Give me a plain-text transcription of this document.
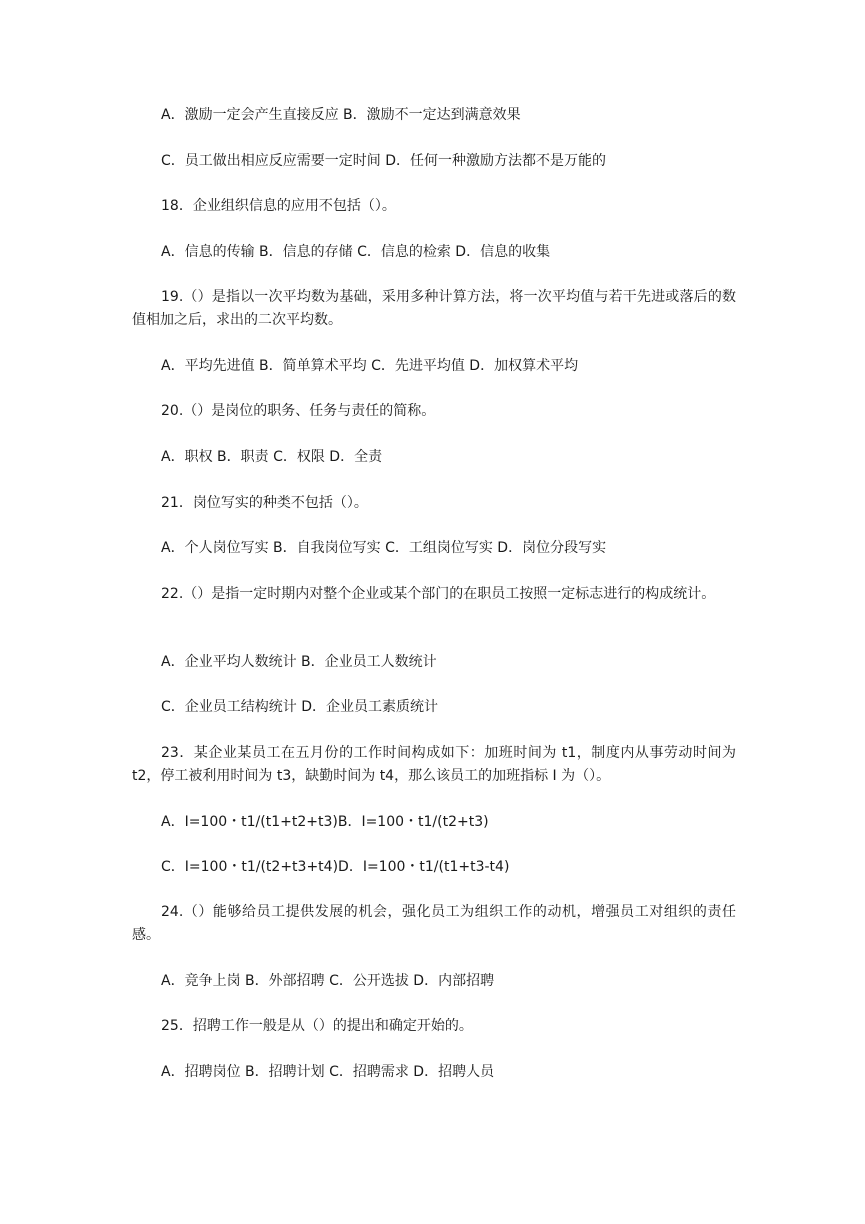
A．激励一定会产生直接反应 B．激励不一定达到满意效果

C．员工做出相应反应需要一定时间 D．任何一种激励方法都不是万能的

18．企业组织信息的应用不包括（）。

A．信息的传输 B．信息的存储 C．信息的检索 D．信息的收集

19.（）是指以一次平均数为基础，采用多种计算方法，将一次平均值与若干先进或落后的数值相加之后，求出的二次平均数。

A．平均先进值 B．简单算术平均 C．先进平均值 D．加权算术平均

20.（）是岗位的职务、任务与责任的简称。

A．职权 B．职责 C．权限 D．全责

21．岗位写实的种类不包括（）。

A．个人岗位写实 B．自我岗位写实 C．工组岗位写实 D．岗位分段写实

22.（）是指一定时期内对整个企业或某个部门的在职员工按照一定标志进行的构成统计。

A．企业平均人数统计 B．企业员工人数统计

C．企业员工结构统计 D．企业员工素质统计

23．某企业某员工在五月份的工作时间构成如下：加班时间为 t1，制度内从事劳动时间为 t2，停工被利用时间为 t3，缺勤时间为 t4，那么该员工的加班指标 I 为（）。

A．I=100・t1/(t1+t2+t3)B．I=100・t1/(t2+t3)

C．I=100・t1/(t2+t3+t4)D．I=100・t1/(t1+t3-t4)

24.（）能够给员工提供发展的机会，强化员工为组织工作的动机，增强员工对组织的责任感。

A．竞争上岗 B．外部招聘 C．公开选拔 D．内部招聘

25．招聘工作一般是从（）的提出和确定开始的。

A．招聘岗位 B．招聘计划 C．招聘需求 D．招聘人员
